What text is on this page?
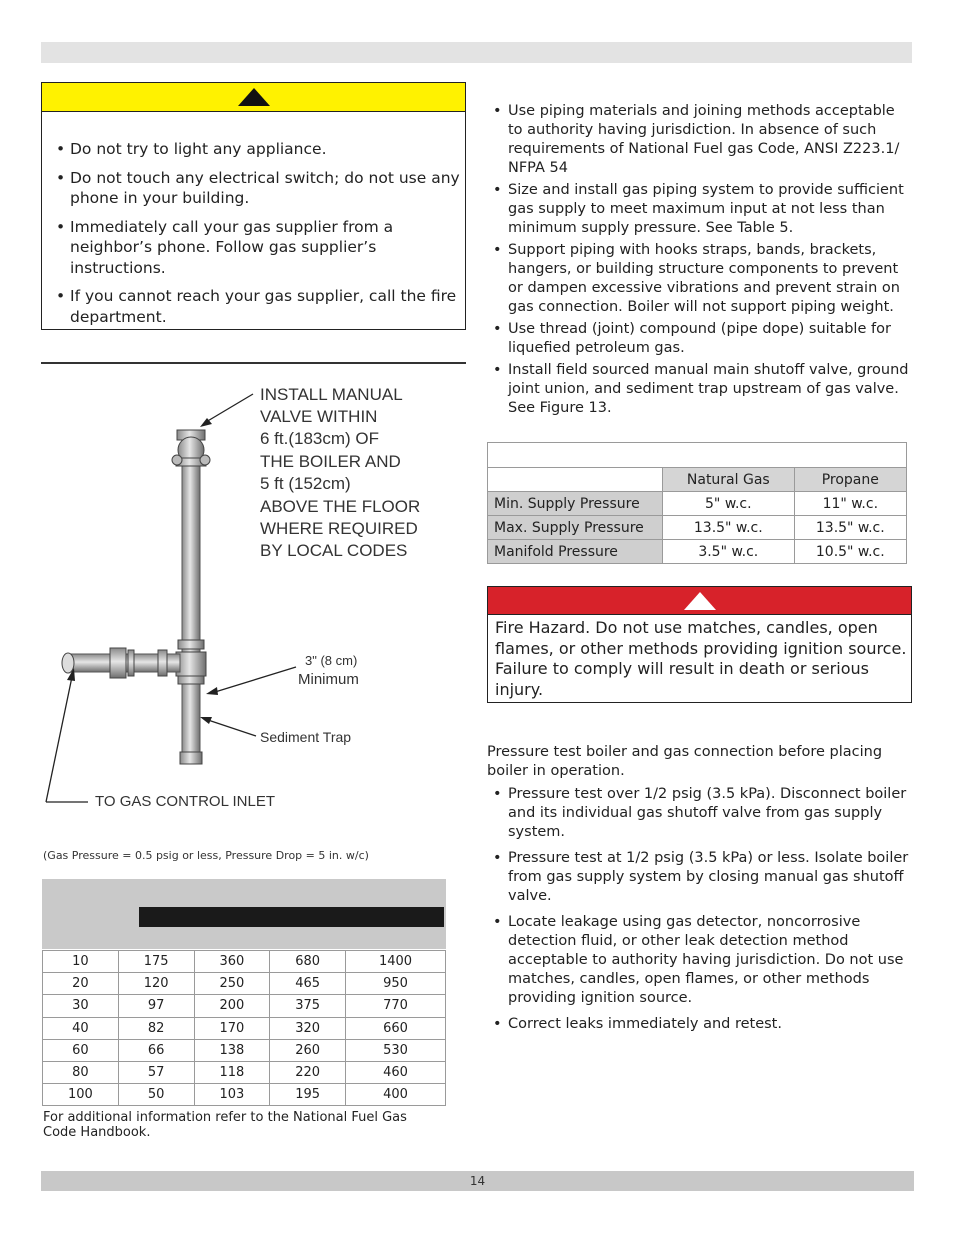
• Do not try to light any appliance.
• Do not touch any electrical switch; do not use any phone in your building.
• Immediately call your gas supplier from a neighbor’s phone. Follow gas supplier’s instructions.
• If you cannot reach your gas supplier, call the fire department.
INSTALL MANUAL
VALVE WITHIN
6 ft.(183cm) OF
THE BOILER AND
5 ft (152cm)
ABOVE THE FLOOR
WHERE REQUIRED
BY LOCAL CODES
3" (8 cm)
Minimum
Sediment Trap
TO GAS CONTROL INLET
(Gas Pressure = 0.5 psig or less, Pressure Drop = 5 in. w/c)
10	175	360	680	1400
20	120	250	465	950
30	97	200	375	770
40	82	170	320	660
60	66	138	260	530
80	57	118	220	460
100	50	103	195	400
For additional information refer to the National Fuel Gas Code Handbook.
• Use piping materials and joining methods acceptable to authority having jurisdiction. In absence of such requirements of National Fuel gas Code, ANSI Z223.1/ NFPA 54
• Size and install gas piping system to provide sufficient gas supply to meet maximum input at not less than minimum supply pressure. See Table 5.
• Support piping with hooks straps, bands, brackets, hangers, or building structure components to prevent or dampen excessive vibrations and prevent strain on gas connection. Boiler will not support piping weight.
• Use thread (joint) compound (pipe dope) suitable for liquefied petroleum gas.
• Install field sourced manual main shutoff valve, ground joint union, and sediment trap upstream of gas valve. See Figure 13.
	Natural Gas	Propane
Min. Supply Pressure	5" w.c.	11" w.c.
Max. Supply Pressure	13.5" w.c.	13.5" w.c.
Manifold Pressure	3.5" w.c.	10.5" w.c.
Fire Hazard. Do not use matches, candles, open flames, or other methods providing ignition source. Failure to comply will result in death or serious injury.
Pressure test boiler and gas connection before placing boiler in operation.
• Pressure test over 1/2 psig (3.5 kPa). Disconnect boiler and its individual gas shutoff valve from gas supply system.
• Pressure test at 1/2 psig (3.5 kPa) or less. Isolate boiler from gas supply system by closing manual gas shutoff valve.
• Locate leakage using gas detector, noncorrosive detection fluid, or other leak detection method acceptable to authority having jurisdiction. Do not use matches, candles, open flames, or other methods providing ignition source.
• Correct leaks immediately and retest.
14
